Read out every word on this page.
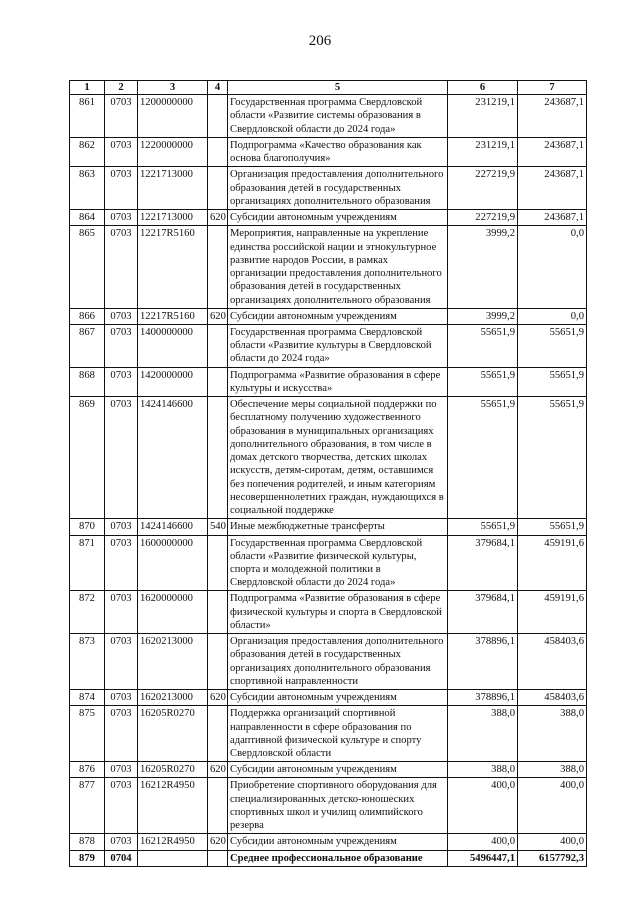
206
1	2	3	4	5	6	7
861	0703	1200000000		Государственная программа Свердловской области «Развитие системы образования в Свердловской области до 2024 года»	231219,1	243687,1
862	0703	1220000000		Подпрограмма «Качество образования как основа благополучия»	231219,1	243687,1
863	0703	1221713000		Организация предоставления дополнительного образования детей в государственных организациях дополнительного образования	227219,9	243687,1
864	0703	1221713000	620	Субсидии автономным учреждениям	227219,9	243687,1
865	0703	12217R5160		Мероприятия, направленные на укрепление единства российской нации и этнокультурное развитие народов России, в рамках организации предоставления дополнительного образования детей в государственных организациях дополнительного образования	3999,2	0,0
866	0703	12217R5160	620	Субсидии автономным учреждениям	3999,2	0,0
867	0703	1400000000		Государственная программа Свердловской области «Развитие культуры в Свердловской области до 2024 года»	55651,9	55651,9
868	0703	1420000000		Подпрограмма «Развитие образования в сфере культуры и искусства»	55651,9	55651,9
869	0703	1424146600		Обеспечение меры социальной поддержки по бесплатному получению художественного образования в муниципальных организациях дополнительного образования, в том числе в домах детского творчества, детских школах искусств, детям-сиротам, детям, оставшимся без попечения родителей, и иным категориям несовершеннолетних граждан, нуждающихся в социальной поддержке	55651,9	55651,9
870	0703	1424146600	540	Иные межбюджетные трансферты	55651,9	55651,9
871	0703	1600000000		Государственная программа Свердловской области «Развитие физической культуры, спорта и молодежной политики в Свердловской области до 2024 года»	379684,1	459191,6
872	0703	1620000000		Подпрограмма «Развитие образования в сфере физической культуры и спорта в Свердловской области»	379684,1	459191,6
873	0703	1620213000		Организация предоставления дополнительного образования детей в государственных организациях дополнительного образования спортивной направленности	378896,1	458403,6
874	0703	1620213000	620	Субсидии автономным учреждениям	378896,1	458403,6
875	0703	16205R0270		Поддержка организаций спортивной направленности в сфере образования по адаптивной физической культуре и спорту Свердловской области	388,0	388,0
876	0703	16205R0270	620	Субсидии автономным учреждениям	388,0	388,0
877	0703	16212R4950		Приобретение спортивного оборудования для специализированных детско-юношеских спортивных школ и училищ олимпийского резерва	400,0	400,0
878	0703	16212R4950	620	Субсидии автономным учреждениям	400,0	400,0
879	0704			Среднее профессиональное образование	5496447,1	6157792,3
